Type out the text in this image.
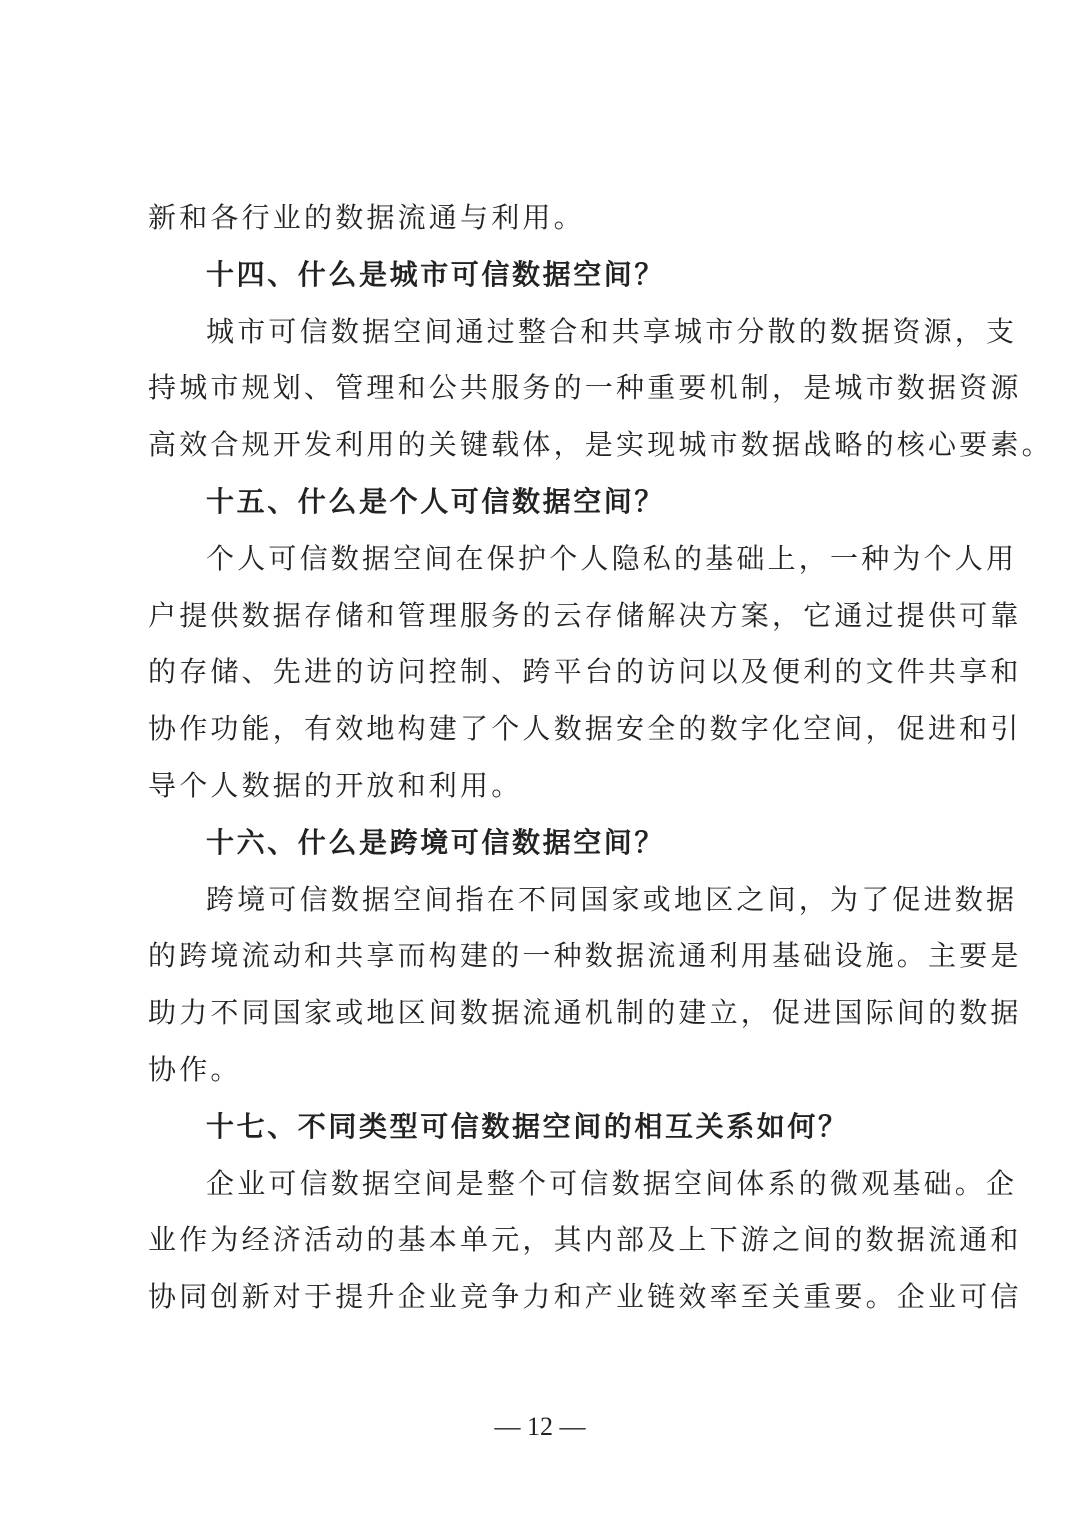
新和各行业的数据流通与利用。
十四、什么是城市可信数据空间？
城市可信数据空间通过整合和共享城市分散的数据资源，支
持城市规划、管理和公共服务的一种重要机制，是城市数据资源
高效合规开发利用的关键载体，是实现城市数据战略的核心要素。
十五、什么是个人可信数据空间？
个人可信数据空间在保护个人隐私的基础上，一种为个人用
户提供数据存储和管理服务的云存储解决方案，它通过提供可靠
的存储、先进的访问控制、跨平台的访问以及便利的文件共享和
协作功能，有效地构建了个人数据安全的数字化空间，促进和引
导个人数据的开放和利用。
十六、什么是跨境可信数据空间？
跨境可信数据空间指在不同国家或地区之间，为了促进数据
的跨境流动和共享而构建的一种数据流通利用基础设施。主要是
助力不同国家或地区间数据流通机制的建立，促进国际间的数据
协作。
十七、不同类型可信数据空间的相互关系如何？
企业可信数据空间是整个可信数据空间体系的微观基础。企
业作为经济活动的基本单元，其内部及上下游之间的数据流通和
协同创新对于提升企业竞争力和产业链效率至关重要。企业可信
— 12 —
